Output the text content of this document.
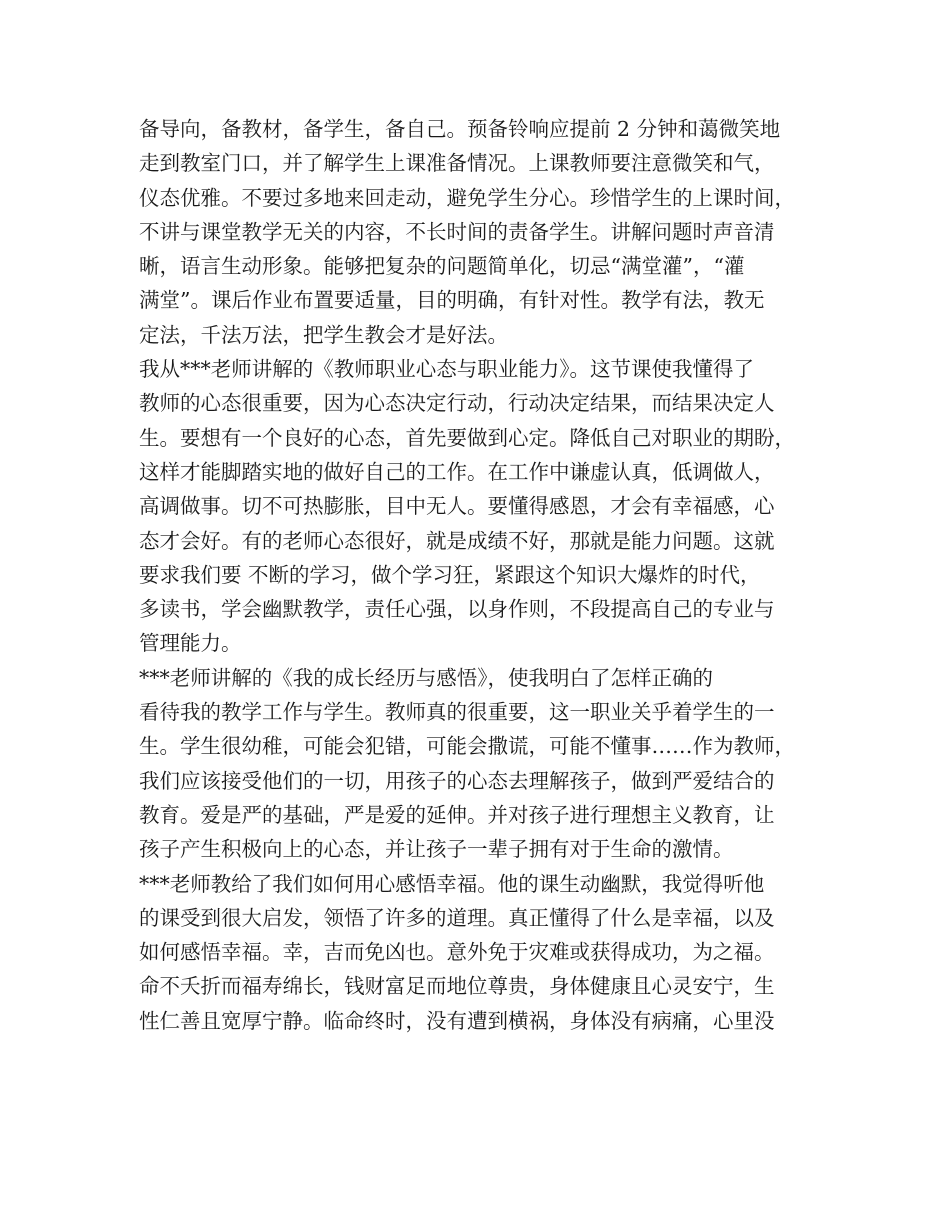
备导向，备教材，备学生，备自己。预备铃响应提前 2 分钟和蔼微笑地
走到教室门口，并了解学生上课准备情况。上课教师要注意微笑和气，
仪态优雅。不要过多地来回走动，避免学生分心。珍惜学生的上课时间，
不讲与课堂教学无关的内容，不长时间的责备学生。讲解问题时声音清
晰，语言生动形象。能够把复杂的问题简单化，切忌“满堂灌”，“灌
满堂”。课后作业布置要适量，目的明确，有针对性。教学有法，教无
定法，千法万法，把学生教会才是好法。
我从***老师讲解的《教师职业心态与职业能力》。这节课使我懂得了
教师的心态很重要，因为心态决定行动，行动决定结果，而结果决定人
生。要想有一个良好的心态，首先要做到心定。降低自己对职业的期盼，
这样才能脚踏实地的做好自己的工作。在工作中谦虚认真，低调做人，
高调做事。切不可热膨胀，目中无人。要懂得感恩，才会有幸福感，心
态才会好。有的老师心态很好，就是成绩不好，那就是能力问题。这就
要求我们要 不断的学习，做个学习狂，紧跟这个知识大爆炸的时代，
多读书，学会幽默教学，责任心强，以身作则，不段提高自己的专业与
管理能力。
***老师讲解的《我的成长经历与感悟》，使我明白了怎样正确的
看待我的教学工作与学生。教师真的很重要，这一职业关乎着学生的一
生。学生很幼稚，可能会犯错，可能会撒谎，可能不懂事……作为教师，
我们应该接受他们的一切，用孩子的心态去理解孩子，做到严爱结合的
教育。爱是严的基础，严是爱的延伸。并对孩子进行理想主义教育，让
孩子产生积极向上的心态，并让孩子一辈子拥有对于生命的激情。
***老师教给了我们如何用心感悟幸福。他的课生动幽默，我觉得听他
的课受到很大启发，领悟了许多的道理。真正懂得了什么是幸福，以及
如何感悟幸福。幸，吉而免凶也。意外免于灾难或获得成功，为之福。
命不夭折而福寿绵长，钱财富足而地位尊贵，身体健康且心灵安宁，生
性仁善且宽厚宁静。临命终时，没有遭到横祸，身体没有病痛，心里没
